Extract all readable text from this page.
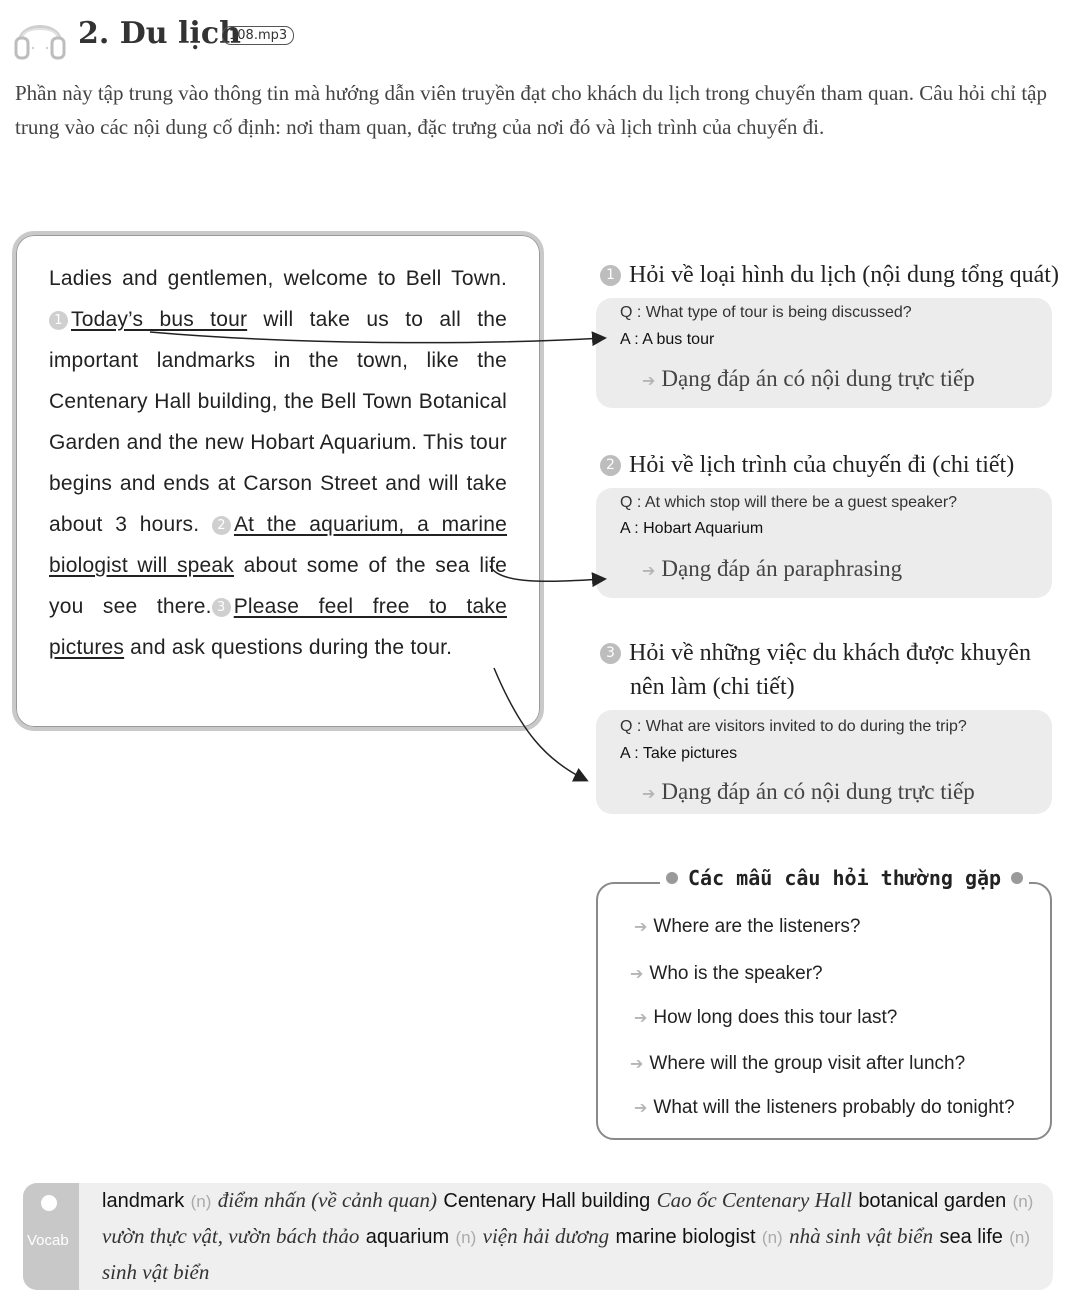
2. Du lịch
108.mp3
Phần này tập trung vào thông tin mà hướng dẫn viên truyền đạt cho khách du lịch trong chuyến tham quan. Câu hỏi chỉ tập trung vào các nội dung cố định: nơi tham quan, đặc trưng của nơi đó và lịch trình của chuyến đi.
Ladies and gentlemen, welcome to Bell Town. 1 Today’s bus tour will take us to all the important landmarks in the town, like the Centenary Hall building, the Bell Town Botanical Garden and the new Hobart Aquarium. This tour begins and ends at Carson Street and will take about 3 hours. 2 At the aquarium, a marine biologist will speak about some of the sea life you see there. 3 Please feel free to take pictures and ask questions during the tour.
1 Hỏi về loại hình du lịch (nội dung tổng quát)
Q : What type of tour is being discussed?
A : A bus tour
➔ Dạng đáp án có nội dung trực tiếp
2 Hỏi về lịch trình của chuyến đi (chi tiết)
Q : At which stop will there be a guest speaker?
A : Hobart Aquarium
➔ Dạng đáp án paraphrasing
3 Hỏi về những việc du khách được khuyên
nên làm (chi tiết)
Q : What are visitors invited to do during the trip?
A : Take pictures
➔ Dạng đáp án có nội dung trực tiếp
Các mẫu câu hỏi thường gặp
➔ Where are the listeners?
➔ Who is the speaker?
➔ How long does this tour last?
➔ Where will the group visit after lunch?
➔ What will the listeners probably do tonight?
Vocab
landmark (n) điểm nhấn (về cảnh quan) Centenary Hall building Cao ốc Centenary Hall botanical garden (n) vườn thực vật, vườn bách thảo aquarium (n) viện hải dương marine biologist (n) nhà sinh vật biển sea life (n) sinh vật biển
